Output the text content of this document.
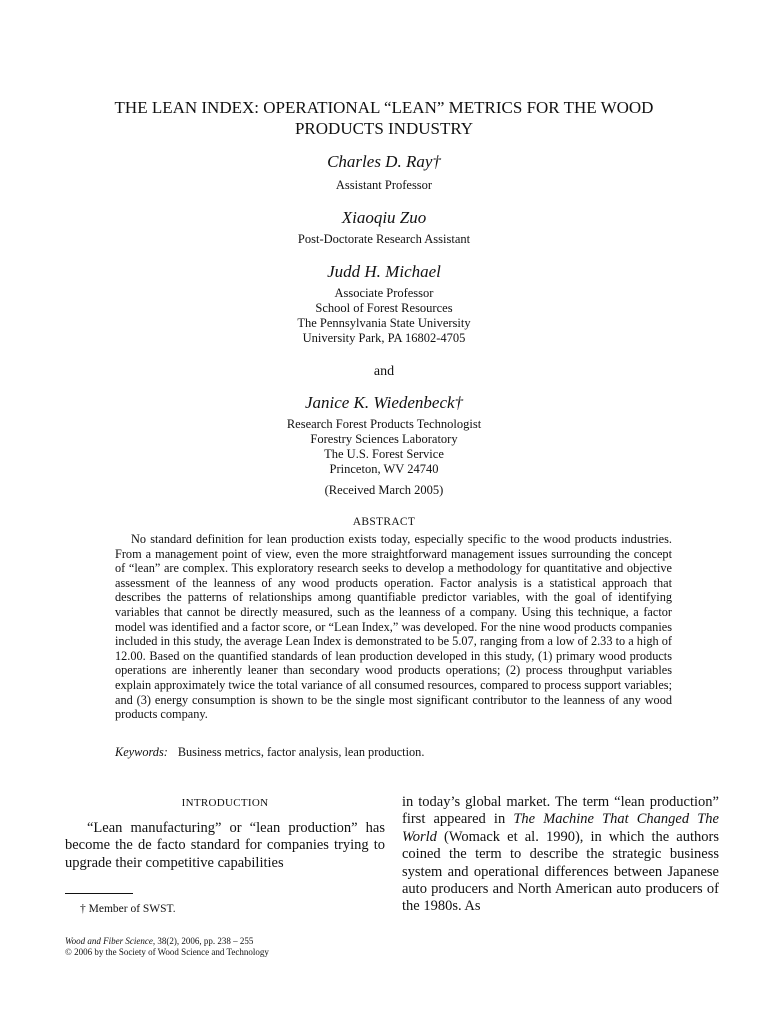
THE LEAN INDEX: OPERATIONAL “LEAN” METRICS FOR THE WOOD PRODUCTS INDUSTRY
Charles D. Ray†
Assistant Professor
Xiaoqiu Zuo
Post-Doctorate Research Assistant
Judd H. Michael
Associate Professor
School of Forest Resources
The Pennsylvania State University
University Park, PA 16802-4705
and
Janice K. Wiedenbeck†
Research Forest Products Technologist
Forestry Sciences Laboratory
The U.S. Forest Service
Princeton, WV 24740
(Received March 2005)
ABSTRACT
No standard definition for lean production exists today, especially specific to the wood products industries. From a management point of view, even the more straightforward management issues surrounding the concept of “lean” are complex. This exploratory research seeks to develop a methodology for quantitative and objective assessment of the leanness of any wood products operation. Factor analysis is a statistical approach that describes the patterns of relationships among quantifiable predictor variables, with the goal of identifying variables that cannot be directly measured, such as the leanness of a company. Using this technique, a factor model was identified and a factor score, or “Lean Index,” was developed. For the nine wood products companies included in this study, the average Lean Index is demonstrated to be 5.07, ranging from a low of 2.33 to a high of 12.00. Based on the quantified standards of lean production developed in this study, (1) primary wood products operations are inherently leaner than secondary wood products operations; (2) process throughput variables explain approximately twice the total variance of all consumed resources, compared to process support variables; and (3) energy consumption is shown to be the single most significant contributor to the leanness of any wood products company.
Keywords: Business metrics, factor analysis, lean production.
INTRODUCTION
“Lean manufacturing” or “lean production” has become the de facto standard for companies trying to upgrade their competitive capabilities
in today’s global market. The term “lean production” first appeared in The Machine That Changed The World (Womack et al. 1990), in which the authors coined the term to describe the strategic business system and operational differences between Japanese auto producers and North American auto producers of the 1980s. As
† Member of SWST.
Wood and Fiber Science, 38(2), 2006, pp. 238 – 255
© 2006 by the Society of Wood Science and Technology
